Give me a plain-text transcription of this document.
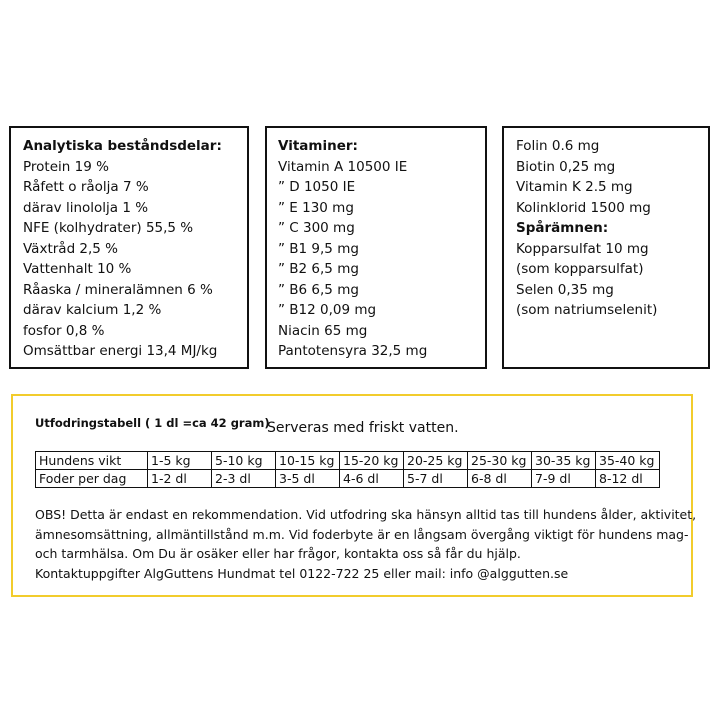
Analytiska beståndsdelar:
Protein 19 %
Råfett o råolja 7 %
därav linololja 1 %
NFE (kolhydrater) 55,5 %
Växtråd 2,5 %
Vattenhalt 10 %
Råaska / mineralämnen 6 %
därav kalcium 1,2 %
fosfor 0,8 %
Omsättbar energi 13,4 MJ/kg
Vitaminer:
Vitamin A 10500 IE
” D 1050 IE
” E 130 mg
” C 300 mg
” B1 9,5 mg
” B2 6,5 mg
” B6 6,5 mg
” B12 0,09 mg
Niacin 65 mg
Pantotensyra 32,5 mg
Folin 0.6 mg
Biotin 0,25 mg
Vitamin K 2.5 mg
Kolinklorid 1500 mg
Spårämnen:
Kopparsulfat 10 mg
(som kopparsulfat)
Selen 0,35 mg
(som natriumselenit)
Utfodringstabell ( 1 dl =ca 42 gram)
Serveras med friskt vatten.
Hundens vikt	1-5 kg	5-10 kg	10-15 kg	15-20 kg	20-25 kg	25-30 kg	30-35 kg	35-40 kg
Foder per dag	1-2 dl	2-3 dl	3-5 dl	4-6 dl	5-7 dl	6-8 dl	7-9 dl	8-12 dl
OBS! Detta är endast en rekommendation. Vid utfodring ska hänsyn alltid tas till hundens ålder, aktivitet,
ämnesomsättning, allmäntillstånd m.m. Vid foderbyte är en långsam övergång viktigt för hundens mag-
och tarmhälsa. Om Du är osäker eller har frågor, kontakta oss så får du hjälp.
Kontaktuppgifter AlgGuttens Hundmat tel 0122-722 25 eller mail: info @alggutten.se
